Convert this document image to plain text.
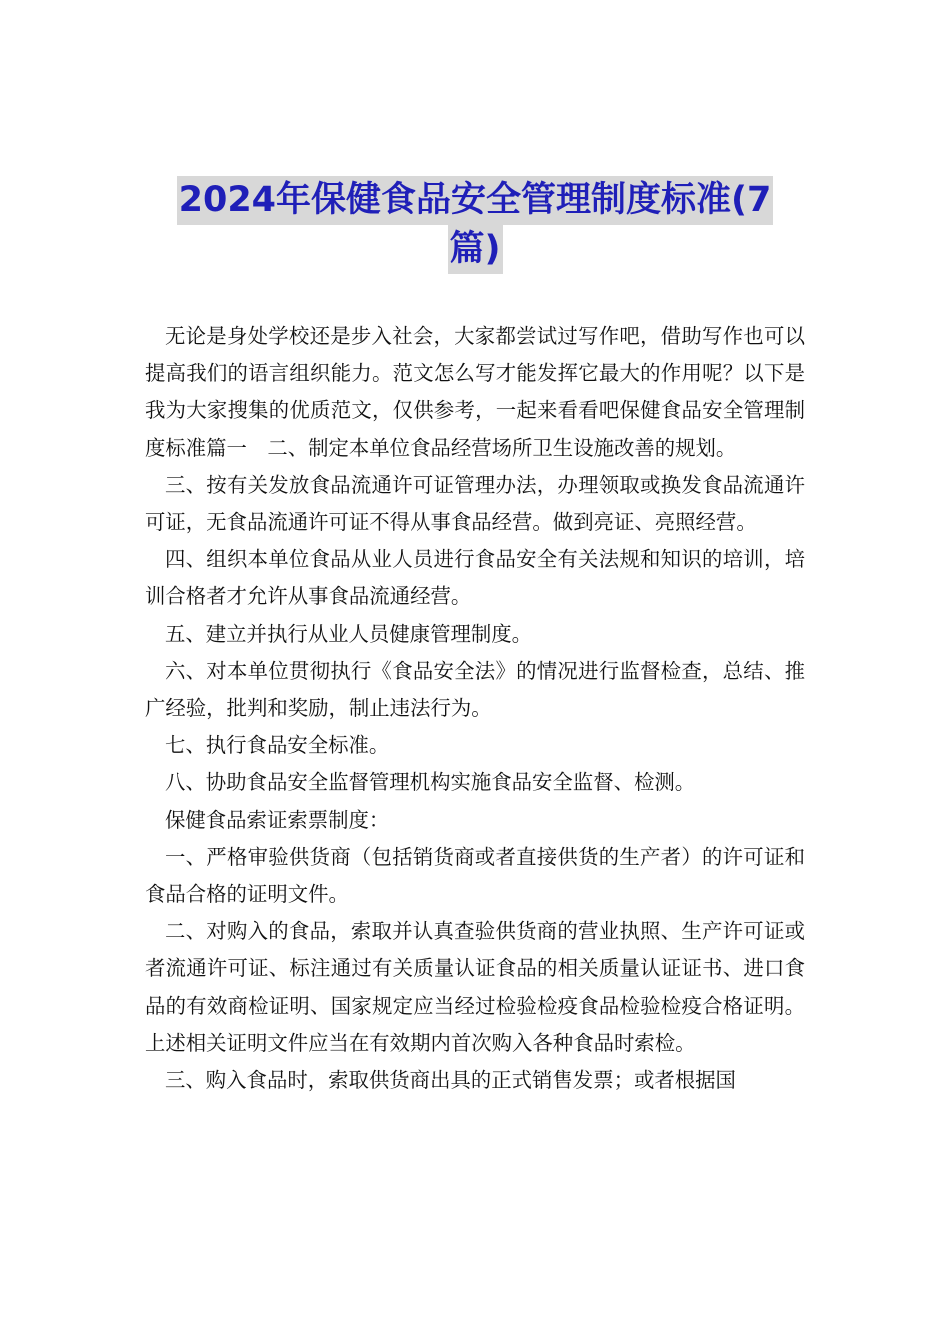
2024年保健食品安全管理制度标准(7
篇)

无论是身处学校还是步入社会，大家都尝试过写作吧，借助写作也可以提高我们的语言组织能力。范文怎么写才能发挥它最大的作用呢？以下是我为大家搜集的优质范文，仅供参考，一起来看看吧保健食品安全管理制度标准篇一　二、制定本单位食品经营场所卫生设施改善的规划。

三、按有关发放食品流通许可证管理办法，办理领取或换发食品流通许可证，无食品流通许可证不得从事食品经营。做到亮证、亮照经营。

四、组织本单位食品从业人员进行食品安全有关法规和知识的培训，培训合格者才允许从事食品流通经营。

五、建立并执行从业人员健康管理制度。

六、对本单位贯彻执行《食品安全法》的情况进行监督检查，总结、推广经验，批判和奖励，制止违法行为。

七、执行食品安全标准。

八、协助食品安全监督管理机构实施食品安全监督、检测。

保健食品索证索票制度：

一、严格审验供货商（包括销货商或者直接供货的生产者）的许可证和食品合格的证明文件。

二、对购入的食品，索取并认真查验供货商的营业执照、生产许可证或者流通许可证、标注通过有关质量认证食品的相关质量认证证书、进口食品的有效商检证明、国家规定应当经过检验检疫食品检验检疫合格证明。上述相关证明文件应当在有效期内首次购入各种食品时索检。

三、购入食品时，索取供货商出具的正式销售发票；或者根据国
